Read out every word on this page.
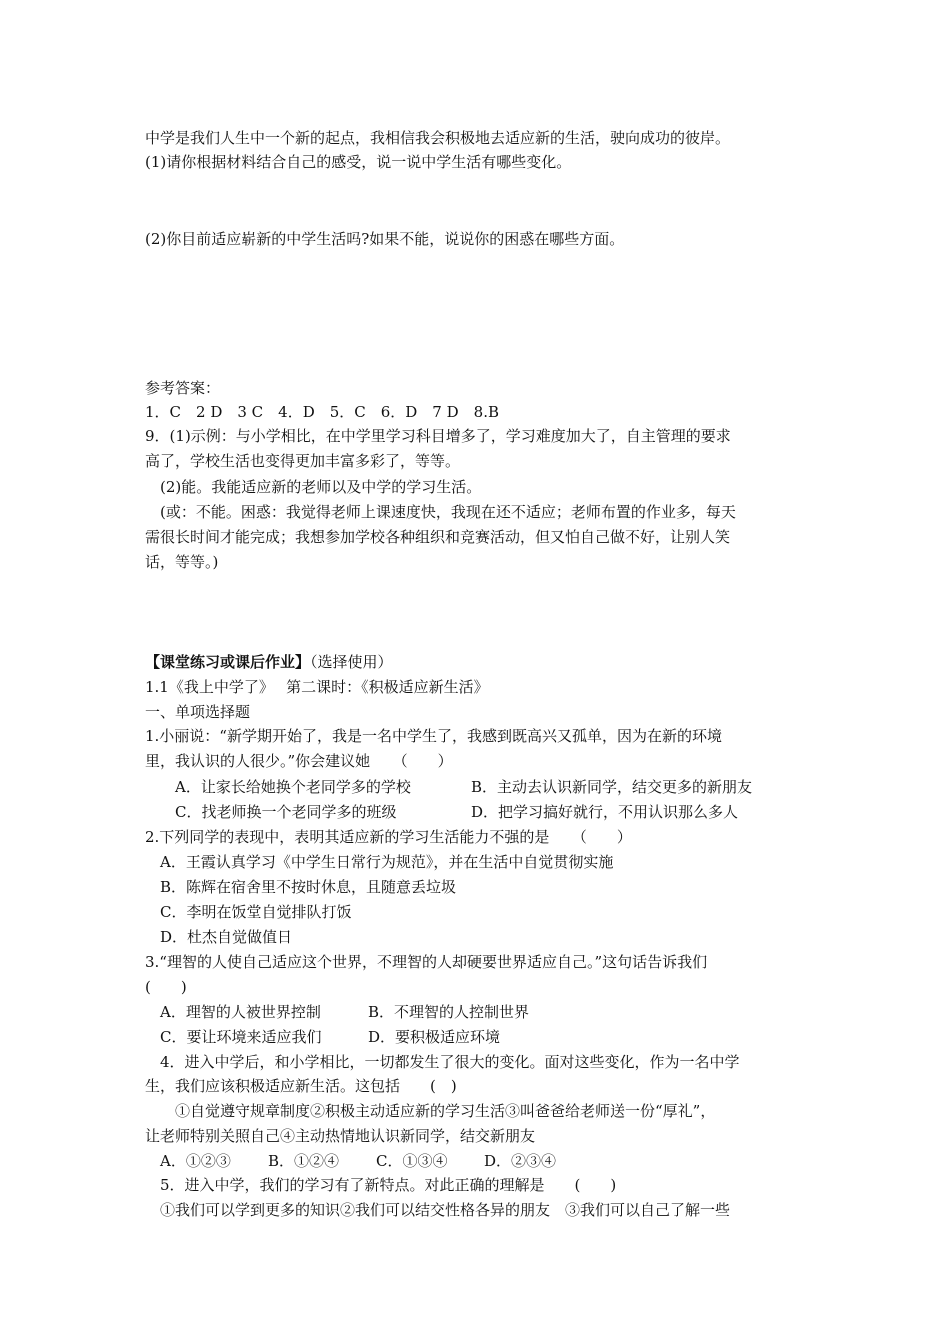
中学是我们人生中一个新的起点，我相信我会积极地去适应新的生活，驶向成功的彼岸。
(1)请你根据材料结合自己的感受，说一说中学生活有哪些变化。
(2)你目前适应崭新的中学生活吗?如果不能，说说你的困惑在哪些方面。
参考答案：
1．C　2 D　3 C　4．D　5．C　6．D　7 D　8.B
9．(1)示例：与小学相比，在中学里学习科目增多了，学习难度加大了，自主管理的要求
高了，学校生活也变得更加丰富多彩了，等等。
(2)能。我能适应新的老师以及中学的学习生活。
(或：不能。困惑：我觉得老师上课速度快，我现在还不适应；老师布置的作业多，每天
需很长时间才能完成；我想参加学校各种组织和竞赛活动，但又怕自己做不好，让别人笑
话，等等。)
【课堂练习或课后作业】（选择使用）
1.1《我上中学了》　 第二课时：《积极适应新生活》
一、单项选择题
1.小丽说：“新学期开始了，我是一名中学生了，我感到既高兴又孤单，因为在新的环境
里，我认识的人很少。”你会建议她　　（　　）
A．让家长给她换个老同学多的学校	B．主动去认识新同学，结交更多的新朋友
C．找老师换一个老同学多的班级	D．把学习搞好就行，不用认识那么多人
2.下列同学的表现中，表明其适应新的学习生活能力不强的是　　（　　）
A．王霞认真学习《中学生日常行为规范》，并在生活中自觉贯彻实施
B．陈辉在宿舍里不按时休息，且随意丢垃圾
C．李明在饭堂自觉排队打饭
D．杜杰自觉做值日
3.“理智的人使自己适应这个世界，不理智的人却硬要世界适应自己。”这句话告诉我们
(　　)
A．理智的人被世界控制	B．不理智的人控制世界
C．要让环境来适应我们	D．要积极适应环境
4．进入中学后，和小学相比，一切都发生了很大的变化。面对这些变化，作为一名中学
生，我们应该积极适应新生活。这包括　　(　)
①自觉遵守规章制度②积极主动适应新的学习生活③叫爸爸给老师送一份“厚礼”，
让老师特别关照自己④主动热情地认识新同学，结交新朋友
A．①②③ B．①②④ C．①③④ D．②③④
5．进入中学，我们的学习有了新特点。对此正确的理解是　　(　　)
①我们可以学到更多的知识②我们可以结交性格各异的朋友　③我们可以自己了解一些
